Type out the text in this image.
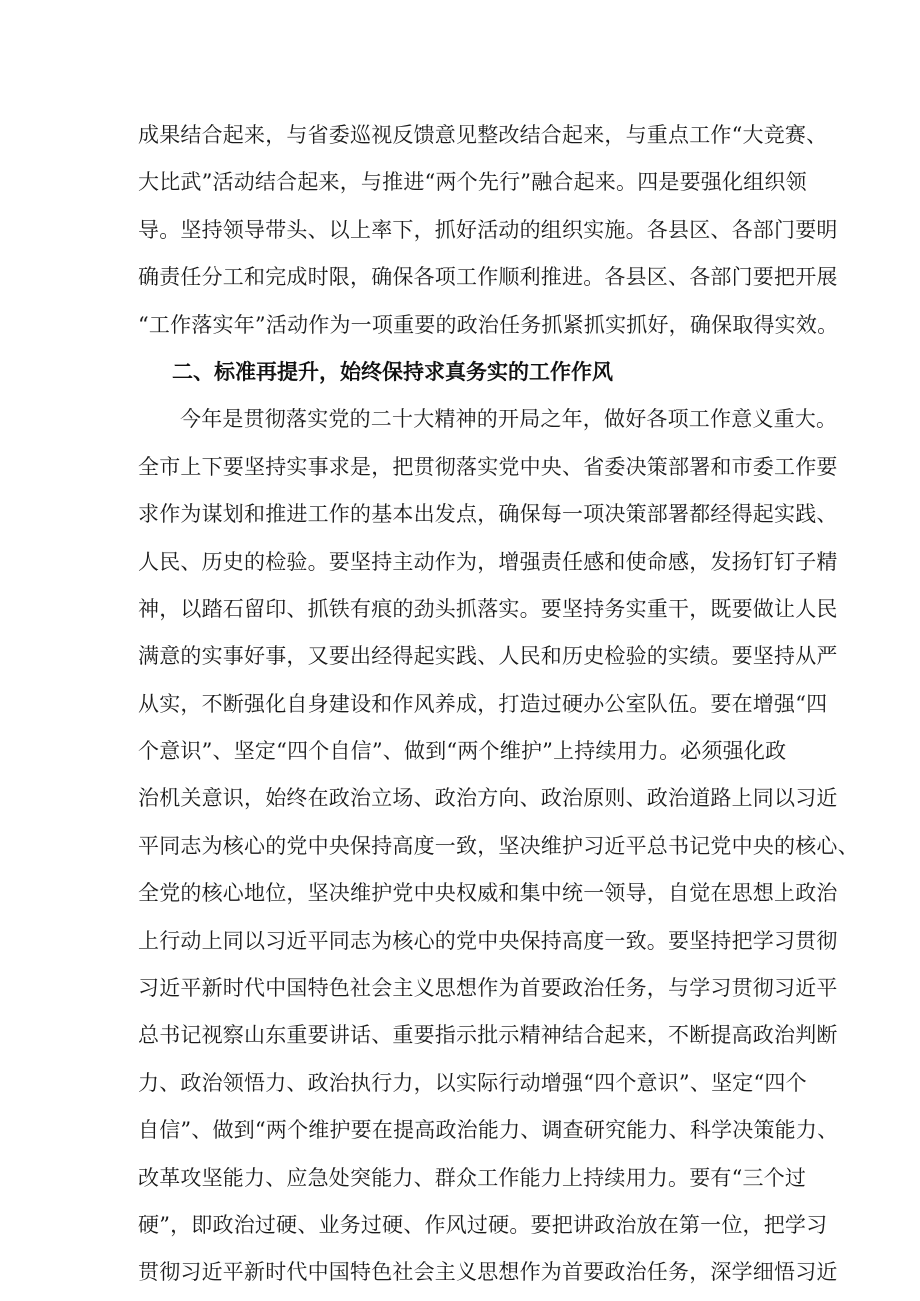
成果结合起来，与省委巡视反馈意见整改结合起来，与重点工作“大竞赛、
大比武”活动结合起来，与推进“两个先行”融合起来。四是要强化组织领
导。坚持领导带头、以上率下，抓好活动的组织实施。各县区、各部门要明
确责任分工和完成时限，确保各项工作顺利推进。各县区、各部门要把开展
“工作落实年”活动作为一项重要的政治任务抓紧抓实抓好，确保取得实效。
二、标准再提升，始终保持求真务实的工作作风
今年是贯彻落实党的二十大精神的开局之年，做好各项工作意义重大。
全市上下要坚持实事求是，把贯彻落实党中央、省委决策部署和市委工作要
求作为谋划和推进工作的基本出发点，确保每一项决策部署都经得起实践、
人民、历史的检验。要坚持主动作为，增强责任感和使命感，发扬钉钉子精
神，以踏石留印、抓铁有痕的劲头抓落实。要坚持务实重干，既要做让人民
满意的实事好事，又要出经得起实践、人民和历史检验的实绩。要坚持从严
从实，不断强化自身建设和作风养成，打造过硬办公室队伍。要在增强“四
个意识”、坚定“四个自信”、做到“两个维护”上持续用力。必须强化政
治机关意识，始终在政治立场、政治方向、政治原则、政治道路上同以习近
平同志为核心的党中央保持高度一致，坚决维护习近平总书记党中央的核心、
全党的核心地位，坚决维护党中央权威和集中统一领导，自觉在思想上政治
上行动上同以习近平同志为核心的党中央保持高度一致。要坚持把学习贯彻
习近平新时代中国特色社会主义思想作为首要政治任务，与学习贯彻习近平
总书记视察山东重要讲话、重要指示批示精神结合起来，不断提高政治判断
力、政治领悟力、政治执行力，以实际行动增强“四个意识”、坚定“四个
自信”、做到“两个维护要在提高政治能力、调查研究能力、科学决策能力、
改革攻坚能力、应急处突能力、群众工作能力上持续用力。要有“三个过
硬”，即政治过硬、业务过硬、作风过硬。要把讲政治放在第一位，把学习
贯彻习近平新时代中国特色社会主义思想作为首要政治任务，深学细悟习近
